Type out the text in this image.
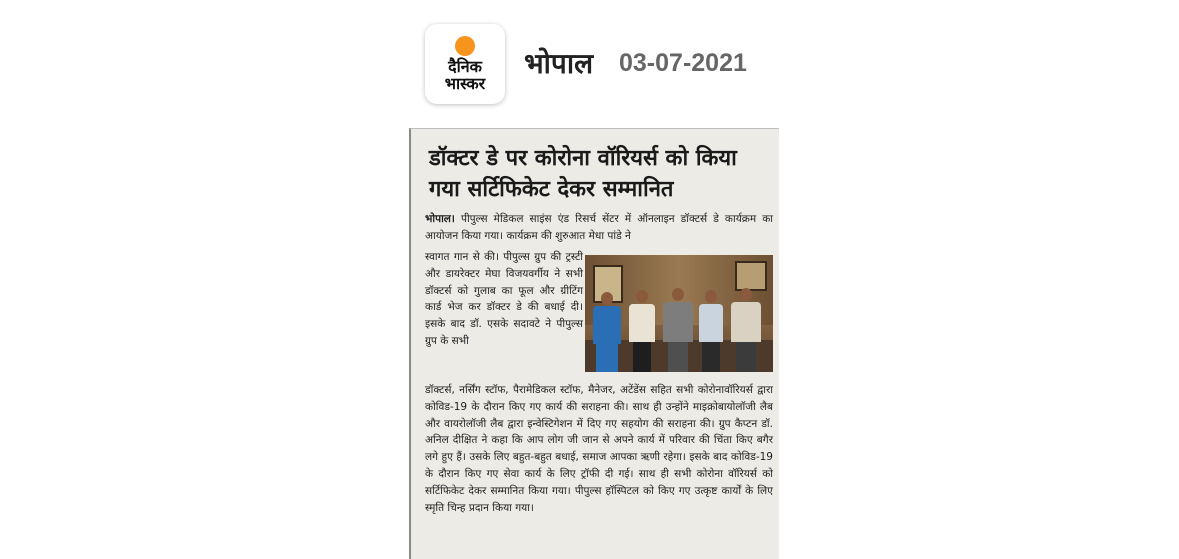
दैनिक
भास्कर
भोपाल 03-07-2021
डॉक्टर डे पर कोरोना वॉरियर्स को किया गया सर्टिफिकेट देकर सम्मानित

भोपाल। पीपुल्स मेडिकल साइंस एंड रिसर्च सेंटर में ऑनलाइन डॉक्टर्स डे कार्यक्रम का आयोजन किया गया। कार्यक्रम की शुरुआत मेधा पांडे ने

स्वागत गान से की। पीपुल्स ग्रुप की ट्रस्टी और डायरेक्टर मेघा विजयवर्गीय ने सभी डॉक्टर्स को गुलाब का फूल और ग्रीटिंग कार्ड भेज कर डॉक्टर डे की बधाई दी। इसके बाद डॉ. एसके सदावटे ने पीपुल्स ग्रुप के सभी

डॉक्टर्स, नर्सिंग स्टॉफ, पैरामेडिकल स्टॉफ, मैनेजर, अटेंडेंस सहित सभी कोरोनावॉरियर्स द्वारा कोविड-19 के दौरान किए गए कार्य की सराहना की। साथ ही उन्होंने माइक्रोबायोलॉजी लैब और वायरोलॉजी लैब द्वारा इन्वेस्टिगेशन में दिए गए सहयोग की सराहना की। ग्रुप कैप्टन डॉ. अनिल दीक्षित ने कहा कि आप लोग जी जान से अपने कार्य में परिवार की चिंता किए बगैर लगे हुए हैं। उसके लिए बहुत-बहुत बधाई, समाज आपका ऋणी रहेगा। इसके बाद कोविड-19 के दौरान किए गए सेवा कार्य के लिए ट्रॉफी दी गई। साथ ही सभी कोरोना वॉरियर्स को सर्टिफिकेट देकर सम्मानित किया गया। पीपुल्स हॉस्पिटल को किए गए उत्कृष्ट कार्यों के लिए स्मृति चिन्ह प्रदान किया गया।
